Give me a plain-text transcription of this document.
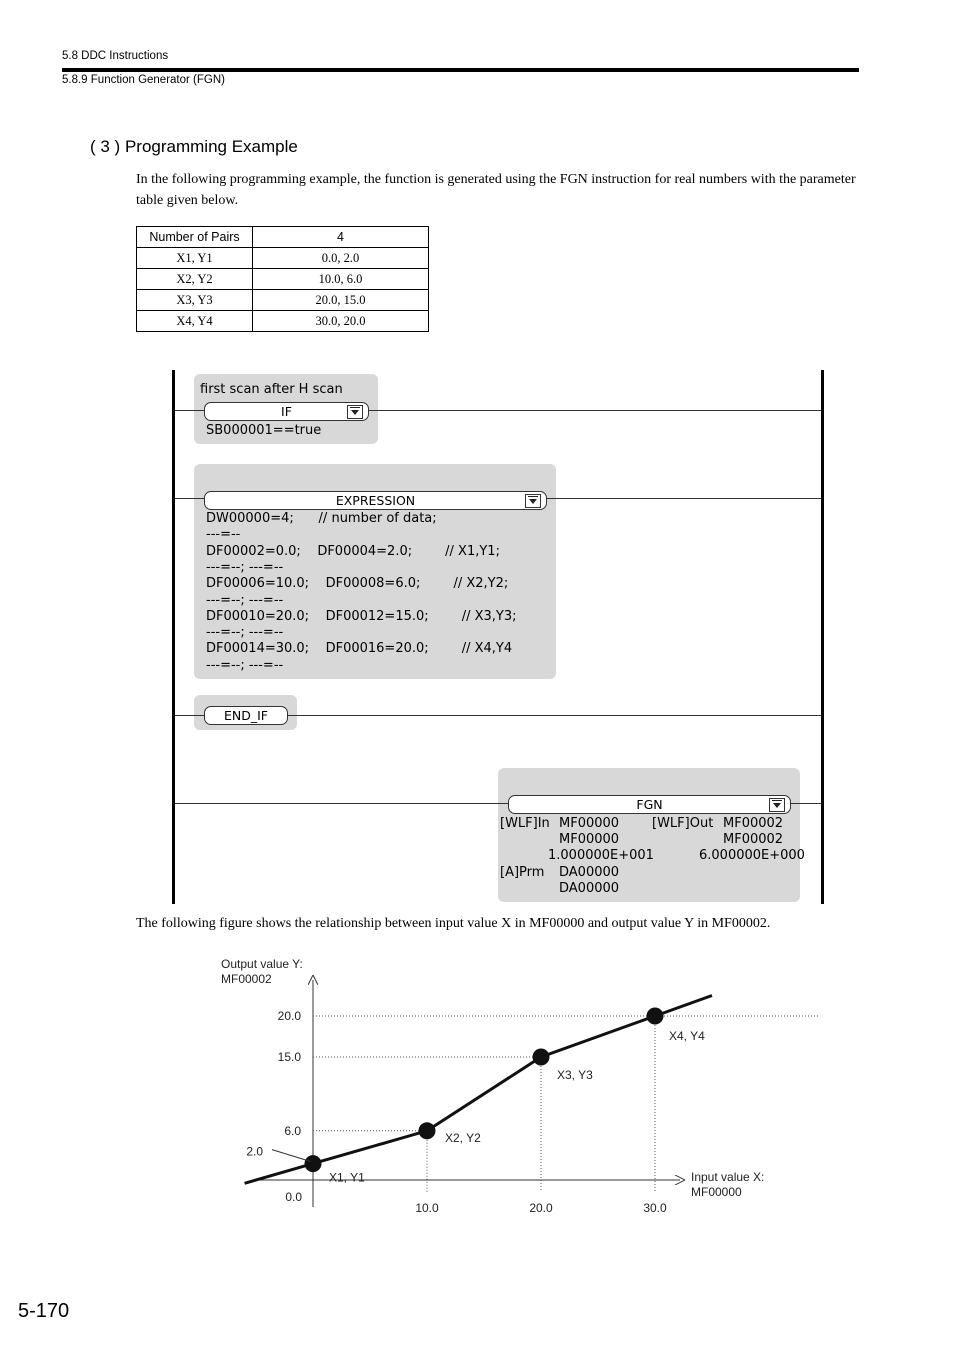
5.8 DDC Instructions
5.8.9 Function Generator (FGN)
( 3 ) Programming Example
In the following programming example, the function is generated using the FGN instruction for real numbers with the parameter table given below.
Number of Pairs	4
X1, Y1	0.0, 2.0
X2, Y2	10.0, 6.0
X3, Y3	20.0, 15.0
X4, Y4	30.0, 20.0
first scan after H scan
IF
SB000001==true
EXPRESSION
DW00000=4;      // number of data;
---=--
DF00002=0.0;    DF00004=2.0;        // X1,Y1;
---=--; ---=--
DF00006=10.0;    DF00008=6.0;        // X2,Y2;
---=--; ---=--
DF00010=20.0;    DF00012=15.0;        // X3,Y3;
---=--; ---=--
DF00014=30.0;    DF00016=20.0;        // X4,Y4
---=--; ---=--
END_IF
FGN
[WLF]In MF00000	[WLF]Out MF00002
MF00000	MF00002
1.000000E+001	6.000000E+000
[A]Prm DA00000
DA00000
The following figure shows the relationship between input value X in MF00000 and output value Y in MF00002.
X1, Y1
X2, Y2
X3, Y3
X4, Y4
20.0
15.0
6.0
2.0
0.0
10.0	20.0	30.0
Output value Y:
MF00002
Input value X:
MF00000
5-170
